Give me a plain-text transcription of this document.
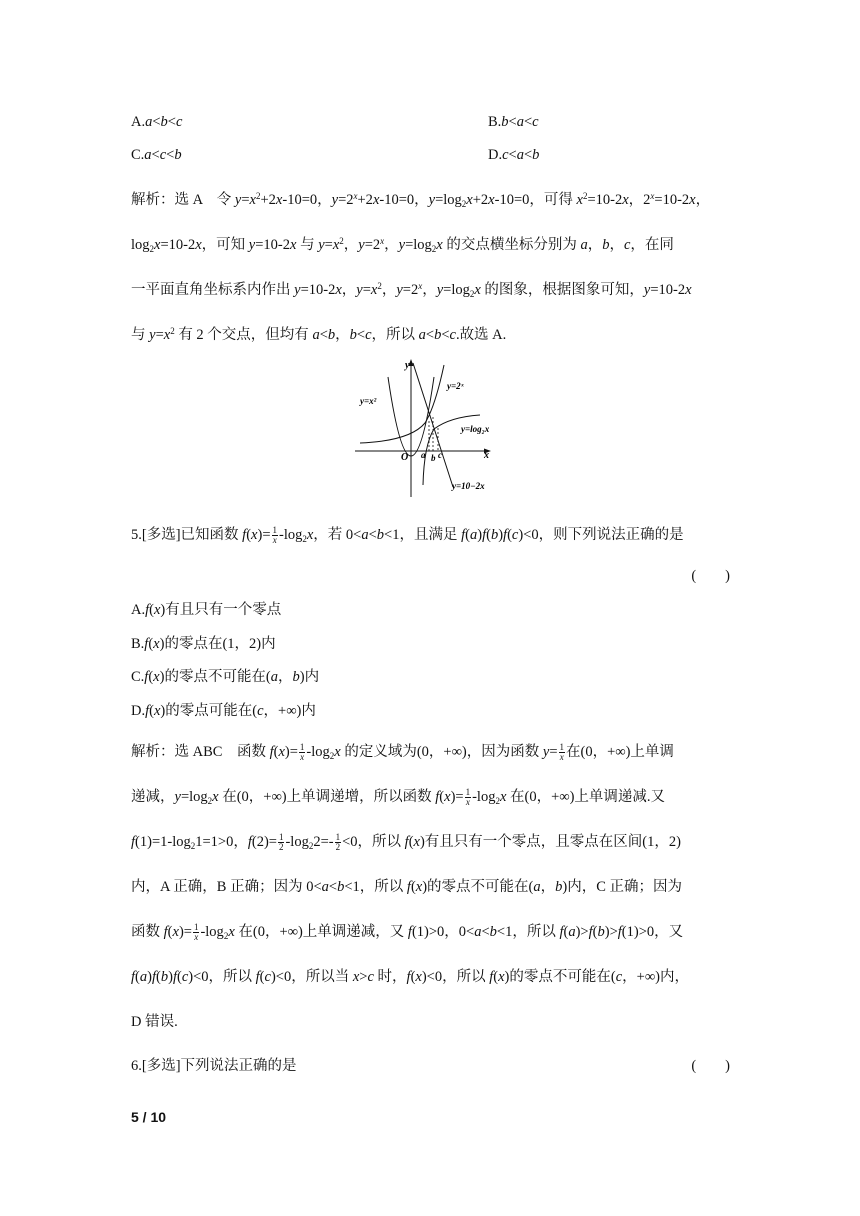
A.a<b<c	B.b<a<c
C.a<c<b	D.c<a<b
解析：选 A　令 $y=x^2+2x-10=0$，$y=2^x+2x-10=0$，$y=\log_2x+2x-10=0$，可得 $x^2=10-2x$，$2^x=10-2x$，
$\log_2x=10-2x$，可知 y=10-2x 与 $y=x^2$，$y=2^x$，$y=\log_2x$ 的交点横坐标分别为 a，b，c，在同
一平面直角坐标系内作出 y=10-2x，$y=x^2$，$y=2^x$，$y=\log_2x$ 的图象，根据图象可知，y=10-2x
与 $y=x^2$ 有 2 个交点，但均有 a<b，b<c，所以 a<b<c.故选 A.
y
x
O
y=x²
y=2ˣ
y=log₂x
y=10−2x
a b c
5.[多选]已知函数 $f(x)= \frac{1}{x} -\log_2x$，若 0<a<b<1，且满足 f(a)f(b)f(c)<0，则下列说法正确的是
(　　)
A.f(x)有且只有一个零点
B.f(x)的零点在(1，2)内
C.f(x)的零点不可能在(a，b)内
D.f(x)的零点可能在(c，+∞)内
解析：选 ABC　函数 $f(x)= \frac{1}{x} -\log_2x$ 的定义域为(0，+∞)，因为函数 $y= \frac{1}{x}$ 在(0，+∞)上单调
递减，$y=\log_2x$ 在(0，+∞)上单调递增，所以函数 $f(x)= \frac{1}{x} -\log_2x$ 在(0，+∞)上单调递减.又
$f(1)=1-\log_21=1>0$，$f(2)= \frac{1}{2} -\log_22=- \frac{1}{2} <0$，所以 f(x)有且只有一个零点，且零点在区间(1，2)
内，A 正确，B 正确；因为 0<a<b<1，所以 f(x)的零点不可能在(a，b)内，C 正确；因为
函数 $f(x)= \frac{1}{x} -\log_2x$ 在(0，+∞)上单调递减，又 f(1)>0，0<a<b<1，所以 f(a)>f(b)>f(1)>0，又
f(a)f(b)f(c)<0，所以 f(c)<0，所以当 x>c 时，f(x)<0，所以 f(x)的零点不可能在(c，+∞)内，
D 错误.
6.[多选]下列说法正确的是	(　　)
5 / 10
